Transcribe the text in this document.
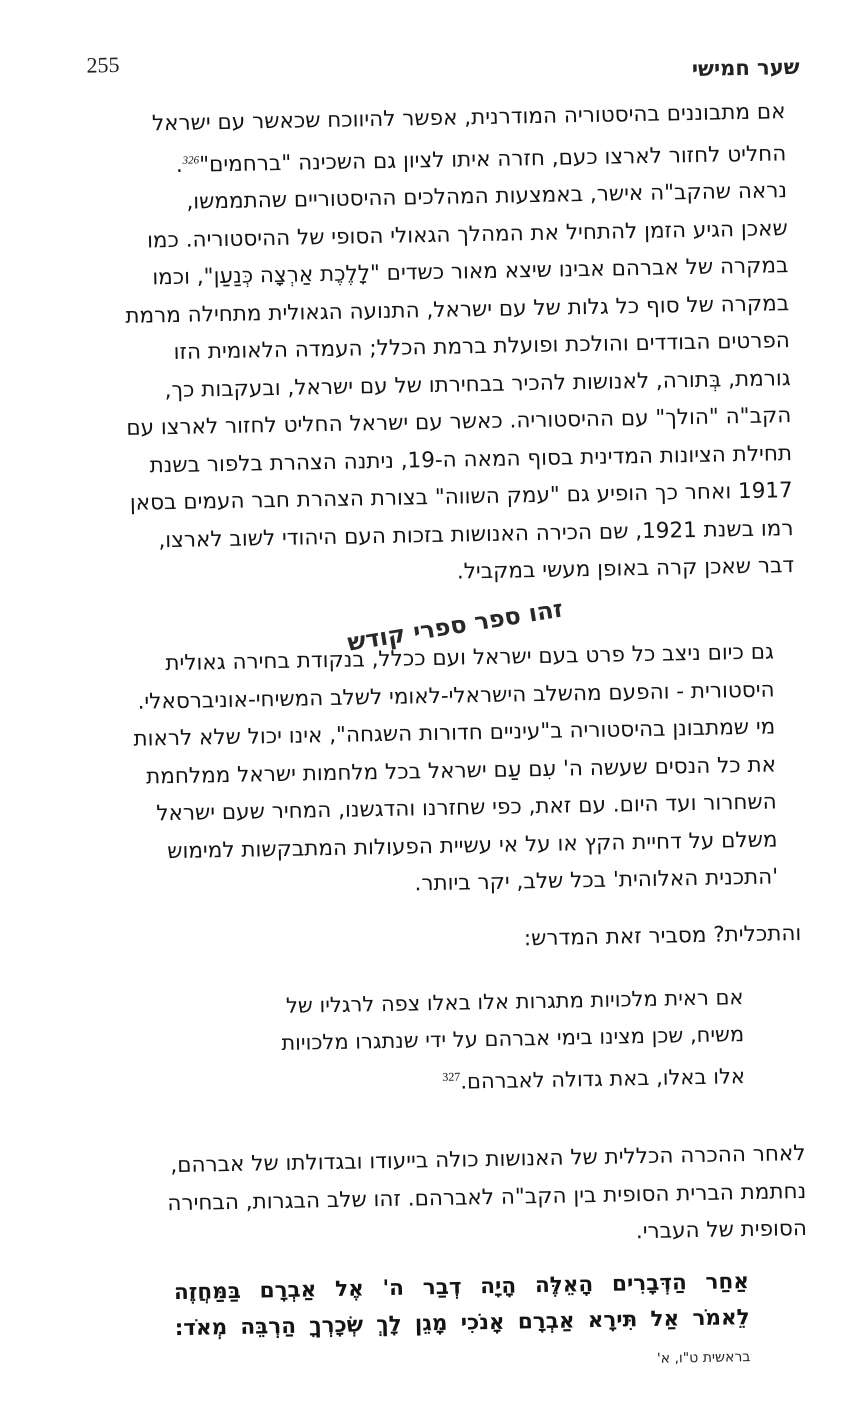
255	שער חמישי

אם מתבוננים בהיסטוריה המודרנית, אפשר להיווכח שכאשר עם ישראל

החליט לחזור לארצו כעם, חזרה איתו לציון גם השכינה "ברחמים"$^{326}$.

נראה שהקב"ה אישר, באמצעות המהלכים ההיסטוריים שהתממשו,

שאכן הגיע הזמן להתחיל את המהלך הגאולי הסופי של ההיסטוריה. כמו

במקרה של אברהם אבינו שיצא מאור כשדים "לָלֶכֶת אַרְצָה כְּנַעַן", וכמו

במקרה של סוף כל גלות של עם ישראל, התנועה הגאולית מתחילה מרמת

הפרטים הבודדים והולכת ופועלת ברמת הכלל; העמדה הלאומית הזו

גורמת, בְּתורה, לאנושות להכיר בבחירתו של עם ישראל, ובעקבות כך,

הקב"ה "הולך" עם ההיסטוריה. כאשר עם ישראל החליט לחזור לארצו עם

תחילת הציונות המדינית בסוף המאה ה-19, ניתנה הצהרת בלפור בשנת

1917 ואחר כך הופיע גם "עמק השווה" בצורת הצהרת חבר העמים בסאן

רמו בשנת 1921, שם הכירה האנושות בזכות העם היהודי לשוב לארצו,

דבר שאכן קרה באופן מעשי במקביל.

גם כיום ניצב כל פרט בעם ישראל ועם ככלל, בנקודת בחירה גאולית

היסטורית - והפעם מהשלב הישראלי-לאומי לשלב המשיחי-אוניברסאלי.

מי שמתבונן בהיסטוריה ב"עיניים חדורות השגחה", אינו יכול שלא לראות

את כל הנסים שעשה ה' עִם עַם ישראל בכל מלחמות ישראל ממלחמת

השחרור ועד היום. עם זאת, כפי שחזרנו והדגשנו, המחיר שעם ישראל

משלם על דחיית הקץ או על אי עשיית הפעולות המתבקשות למימוש

'התכנית האלוהית' בכל שלב, יקר ביותר.

והתכלית? מסביר זאת המדרש:

אם ראית מלכויות מתגרות אלו באלו צפה לרגליו של
משיח, שכן מצינו בימי אברהם על ידי שנתגרו מלכויות
אלו באלו, באת גדולה לאברהם.$^{327}$

לאחר ההכרה הכללית של האנושות כולה בייעודו ובגדולתו של אברהם,

נחתמת הברית הסופית בין הקב"ה לאברהם. זהו שלב הבגרות, הבחירה

הסופית של העברי.

אַחַר הַדְּבָרִים הָאֵלֶּה הָיָה דְבַר ה' אֶל אַבְרָם בַּמַּחֲזֶה
לֵאמֹר אַל תִּירָא אַבְרָם אָנֹכִי מָגֵן לָךְ שְׂכָרְךָ הַרְבֵּה מְאֹד:
בראשית ט"ו, א'
זהו ספר ספרי קודש
